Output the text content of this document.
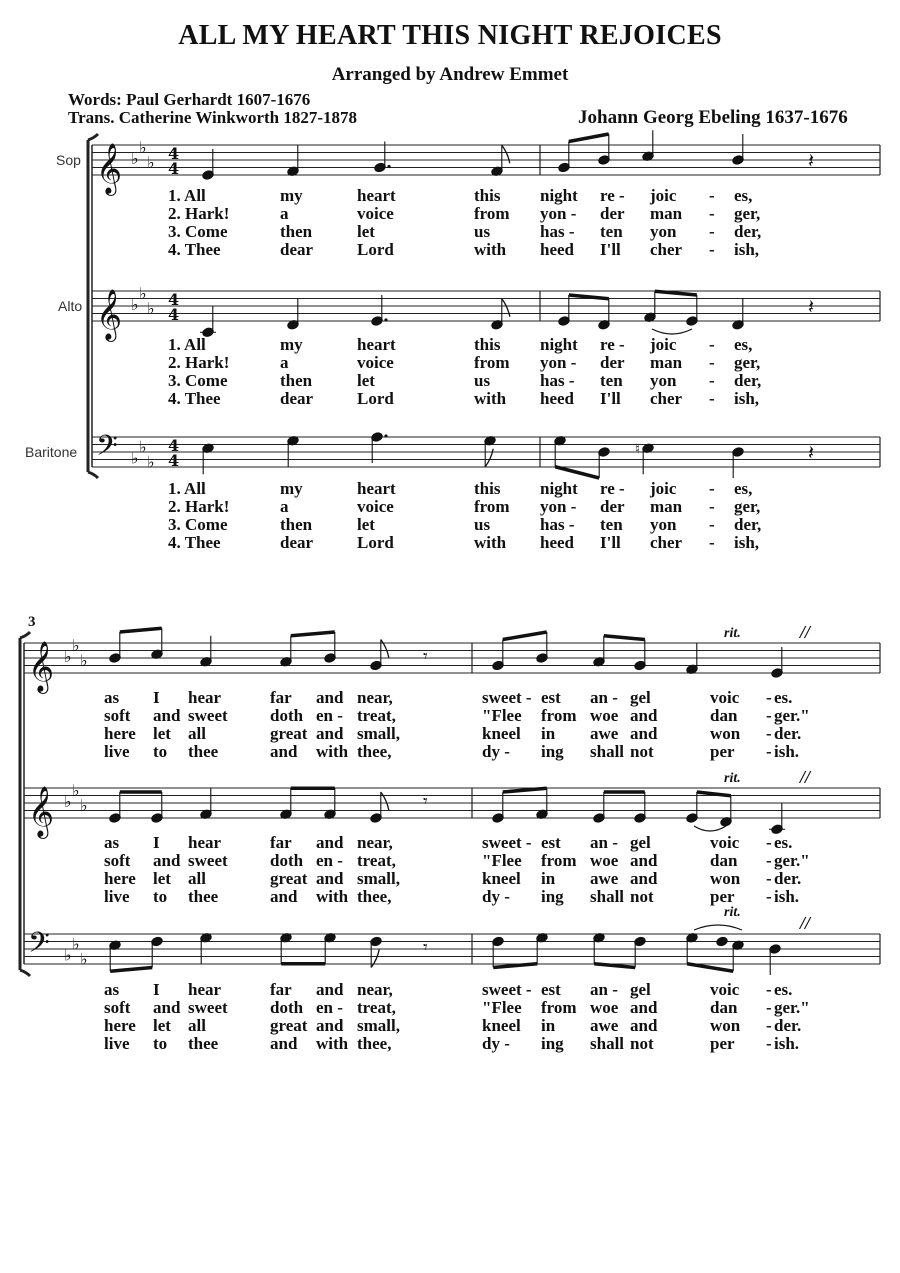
ALL MY HEART THIS NIGHT REJOICES
Arranged by Andrew Emmet
Words: Paul Gerhardt 1607-1676
Trans. Catherine Winkworth 1827-1878	Johann Georg Ebeling 1637-1676
Sop
Alto
Baritone
3
rit.
rit.
rit.
//
//
//
𝄞 ♭
♭
♭ 4
4
𝄞 ♭
♭
♭ 4
4
𝄢 ♭
♭
♭
4
4
𝄞 ♭
♭
♭
𝄞 ♭
♭
♭
𝄢 ♭
♭
♭
𝄽
𝄽
♮	𝄽
𝄾
𝄾
𝄾
1. All	my	heart	this night re - joic - es,
2. Hark!	a	voice	from yon - der man - ger,
3. Come	then	let	us	has - ten yon - der,
4. Thee	dear	Lord	with heed I'll cher - ish,
1. All	my	heart	this night re - joic - es,
2. Hark!	a	voice	from yon - der man - ger,
3. Come	then	let	us	has - ten yon - der,
4. Thee	dear	Lord	with heed I'll cher - ish,
1. All	my	heart	this night re - joic - es,
2. Hark!	a	voice	from yon - der man - ger,
3. Come	then	let	us	has - ten yon - der,
4. Thee	dear	Lord	with heed I'll cher - ish,
as I hear	far and near,	sweet - est an - gel	voic - es.
soft and sweet doth en - treat,	"Flee from woe and	dan - ger."
here let all	great and small,	kneel in awe and	won - der.
live to thee	and with thee,	dy - ing shall not	per - ish.
as I hear	far and near,	sweet - est an - gel	voic - es.
soft and sweet doth en - treat,	"Flee from woe and	dan - ger."
here let all	great and small,	kneel in awe and	won - der.
live to thee	and with thee,	dy - ing shall not	per - ish.
as I hear	far and near,	sweet - est an - gel	voic - es.
soft and sweet doth en - treat,	"Flee from woe and	dan - ger."
here let all	great and small,	kneel in awe and	won - der.
live to thee	and with thee,	dy - ing shall not	per - ish.
